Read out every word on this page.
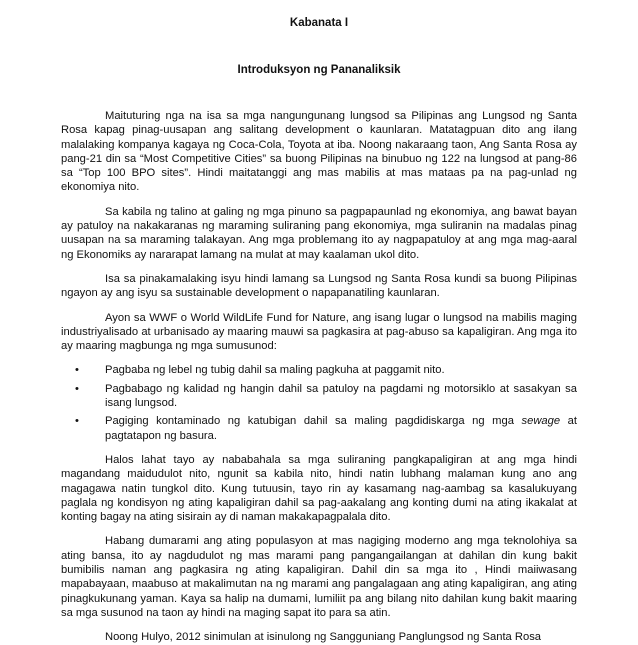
Kabanata I
Introduksyon ng Pananaliksik

Maituturing nga na isa sa mga nangungunang lungsod sa Pilipinas ang Lungsod ng Santa Rosa kapag pinag-uusapan ang salitang development o kaunlaran. Matatagpuan dito ang ilang malalaking kompanya kagaya ng Coca-Cola, Toyota at iba. Noong nakaraang taon, Ang Santa Rosa ay pang-21 din sa “Most Competitive Cities” sa buong Pilipinas na binubuo ng 122 na lungsod at pang-86 sa “Top 100 BPO sites”. Hindi maitatanggi ang mas mabilis at mas mataas pa na pag-unlad ng ekonomiya nito.

Sa kabila ng talino at galing ng mga pinuno sa pagpapaunlad ng ekonomiya, ang bawat bayan ay patuloy na nakakaranas ng maraming suliraning pang ekonomiya, mga suliranin na madalas pinag uusapan na sa maraming talakayan. Ang mga problemang ito ay nagpapatuloy at ang mga mag-aaral ng Ekonomiks ay nararapat lamang na mulat at may kaalaman ukol dito.

Isa sa pinakamalaking isyu hindi lamang sa Lungsod ng Santa Rosa kundi sa buong Pilipinas ngayon ay ang isyu sa sustainable development o napapanatiling kaunlaran.

Ayon sa WWF o World WildLife Fund for Nature, ang isang lugar o lungsod na mabilis maging industriyalisado at urbanisado ay maaring mauwi sa pagkasira at pag-abuso sa kapaligiran. Ang mga ito ay maaring magbunga ng mga sumusunod:

• Pagbaba ng lebel ng tubig dahil sa maling pagkuha at paggamit nito.
• Pagbabago ng kalidad ng hangin dahil sa patuloy na pagdami ng motorsiklo at sasakyan sa isang lungsod.
• Pagiging kontaminado ng katubigan dahil sa maling pagdidiskarga ng mga sewage at pagtatapon ng basura.

Halos lahat tayo ay nababahala sa mga suliraning pangkapaligiran at ang mga hindi magandang maidudulot nito, ngunit sa kabila nito, hindi natin lubhang malaman kung ano ang magagawa natin tungkol dito. Kung tutuusin, tayo rin ay kasamang nag-aambag sa kasalukuyang paglala ng kondisyon ng ating kapaligiran dahil sa pag-aakalang ang konting dumi na ating ikakalat at konting bagay na ating sisirain ay di naman makakapagpalala dito.

Habang dumarami ang ating populasyon at mas nagiging moderno ang mga teknolohiya sa ating bansa, ito ay nagdudulot ng mas marami pang pangangailangan at dahilan din kung bakit bumibilis naman ang pagkasira ng ating kapaligiran. Dahil din sa mga ito , Hindi maiiwasang mapabayaan, maabuso at makalimutan na ng marami ang pangalagaan ang ating kapaligiran, ang ating pinagkukunang yaman. Kaya sa halip na dumami, lumiliit pa ang bilang nito dahilan kung bakit maaring sa mga susunod na taon ay hindi na maging sapat ito para sa atin.

Noong Hulyo, 2012 sinimulan at isinulong ng Sangguniang Panglungsod ng Santa Rosa
